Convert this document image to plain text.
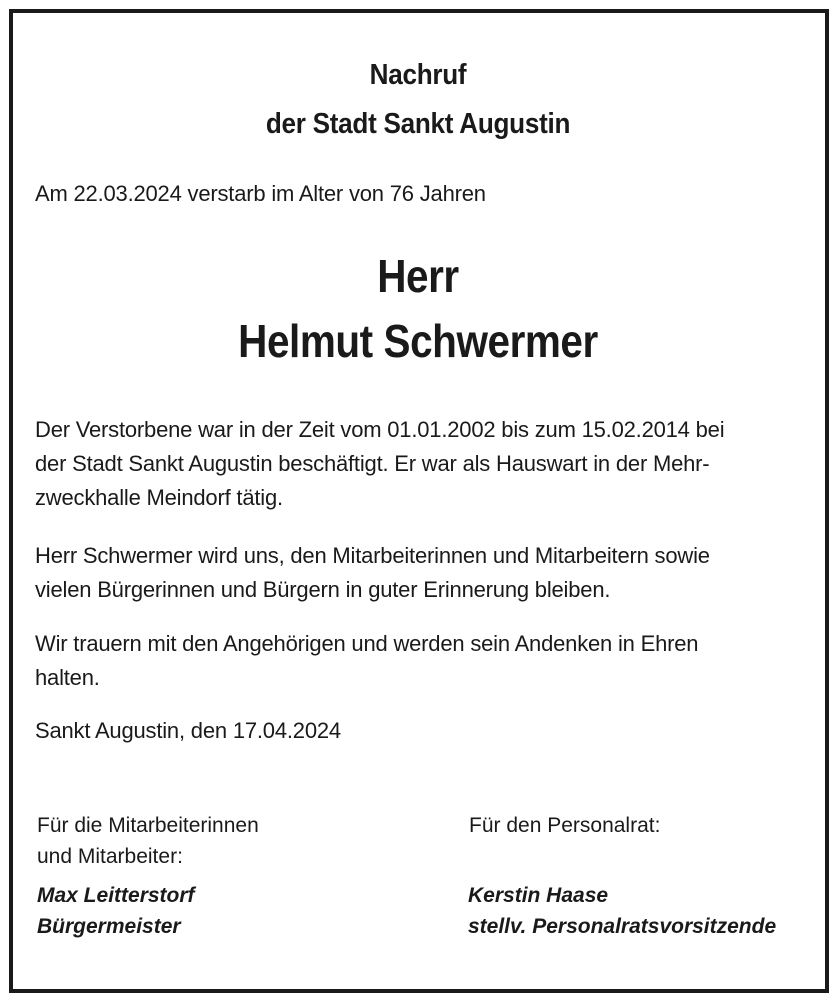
Nachruf
der Stadt Sankt Augustin
Am 22.03.2024 verstarb im Alter von 76 Jahren
Herr
Helmut Schwermer
Der Verstorbene war in der Zeit vom 01.01.2002 bis zum 15.02.2014 bei
der Stadt Sankt Augustin beschäftigt. Er war als Hauswart in der Mehr-
zweckhalle Meindorf tätig.
Herr Schwermer wird uns, den Mitarbeiterinnen und Mitarbeitern sowie
vielen Bürgerinnen und Bürgern in guter Erinnerung bleiben.
Wir trauern mit den Angehörigen und werden sein Andenken in Ehren
halten.
Sankt Augustin, den 17.04.2024
Für die Mitarbeiterinnen
und Mitarbeiter:
Für den Personalrat:
Max Leitterstorf
Bürgermeister
Kerstin Haase
stellv. Personalratsvorsitzende
